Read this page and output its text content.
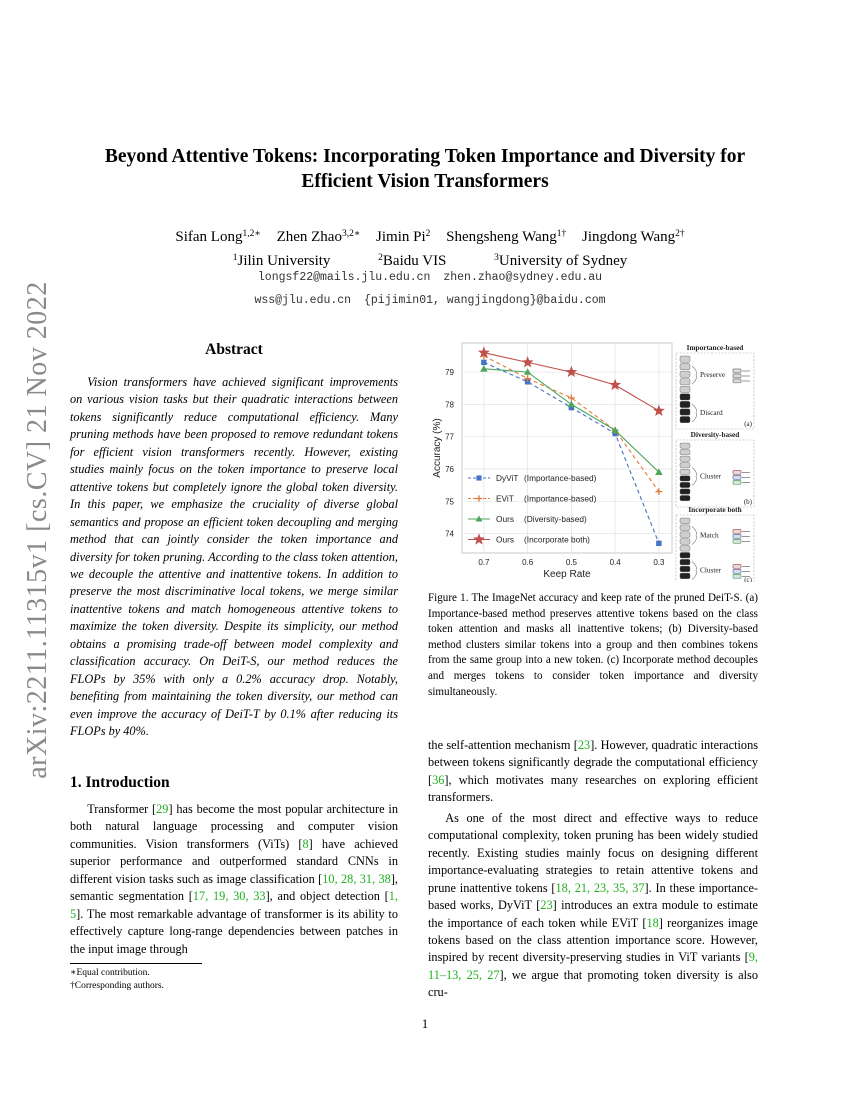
arXiv:2211.11315v1 [cs.CV] 21 Nov 2022
Beyond Attentive Tokens: Incorporating Token Importance and Diversity for
Efficient Vision Transformers
Sifan Long$^{1,2∗}$ Zhen Zhao$^{3,2∗}$ Jimin Pi$^2$ Shengsheng Wang$^{1\dagger}$ Jingdong Wang$^{2\dagger}$
$^1$Jilin University	$^2$Baidu VIS	$^3$University of Sydney
longsf22@mails.jlu.edu.cn zhen.zhao@sydney.edu.au
wss@jlu.edu.cn {pijimin01, wangjingdong}@baidu.com
Abstract

Vision transformers have achieved significant improvements on various vision tasks but their quadratic interactions between tokens significantly reduce computational efficiency. Many pruning methods have been proposed to remove redundant tokens for efficient vision transformers recently. However, existing studies mainly focus on the token importance to preserve local attentive tokens but completely ignore the global token diversity. In this paper, we emphasize the cruciality of diverse global semantics and propose an efficient token decoupling and merging method that can jointly consider the token importance and diversity for token pruning. According to the class token attention, we decouple the attentive and inattentive tokens. In addition to preserve the most discriminative local tokens, we merge similar inattentive tokens and match homogeneous attentive tokens to maximize the token diversity. Despite its simplicity, our method obtains a promising trade-off between model complexity and classification accuracy. On DeiT-S, our method reduces the FLOPs by 35% with only a 0.2% accuracy drop. Notably, benefiting from maintaining the token diversity, our method can even improve the accuracy of DeiT-T by 0.1% after reducing its FLOPs by 40%.

1. Introduction

Transformer [29] has become the most popular architecture in both natural language processing and computer vision communities. Vision transformers (ViTs) [8] have achieved superior performance and outperformed standard CNNs in different vision tasks such as image classification [10, 28, 31, 38], semantic segmentation [17, 19, 30, 33], and object detection [1, 5]. The most remarkable advantage of transformer is its ability to effectively capture long-range dependencies between patches in the input image through

∗Equal contribution.
†Corresponding authors.
0.7	0.6	0.5	0.4	0.3
74
75
76
77
78
79
Keep Rate
Accuracy (%)
DyViT (Importance-based)
EViT (Importance-based)
Ours (Diversity-based)
Ours (Incorporate both)
Importance-based
(a)
Preserve
Discard
Diversity-based
(b)
Cluster
Incorporate both
(c)
Match
Cluster
Figure 1. The ImageNet accuracy and keep rate of the pruned DeiT-S. (a) Importance-based method preserves attentive tokens based on the class token attention and masks all inattentive tokens; (b) Diversity-based method clusters similar tokens into a group and then combines tokens from the same group into a new token. (c) Incorporate method decouples and merges tokens to consider token importance and diversity simultaneously.

the self-attention mechanism [23]. However, quadratic interactions between tokens significantly degrade the computational efficiency [36], which motivates many researches on exploring efficient transformers.

As one of the most direct and effective ways to reduce computational complexity, token pruning has been widely studied recently. Existing studies mainly focus on designing different importance-evaluating strategies to retain attentive tokens and prune inattentive tokens [18, 21, 23, 35, 37]. In these importance-based works, DyViT [23] introduces an extra module to estimate the importance of each token while EViT [18] reorganizes image tokens based on the class attention importance score. However, inspired by recent diversity-preserving studies in ViT variants [9, 11–13, 25, 27], we argue that promoting token diversity is also cru-

1
